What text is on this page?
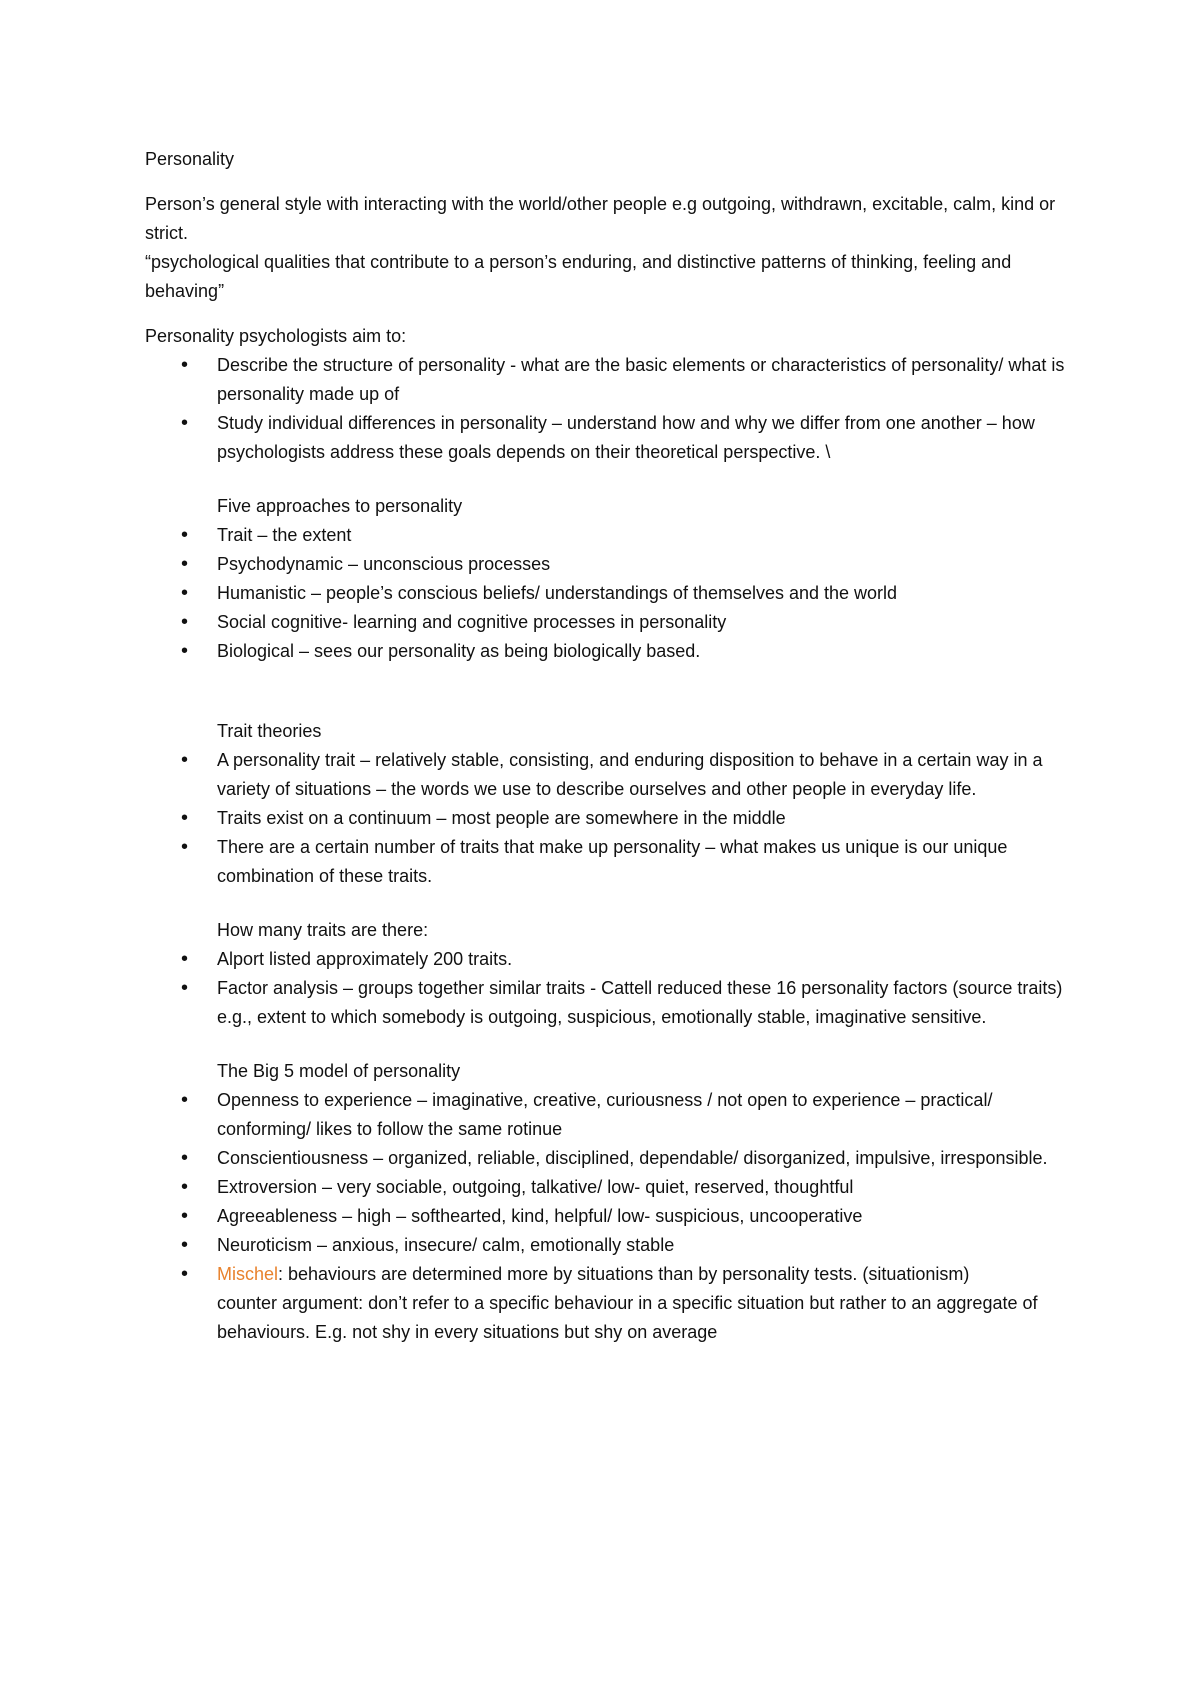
Personality

Person’s general style with interacting with the world/other people e.g outgoing, withdrawn, excitable, calm, kind or strict.

“psychological qualities that contribute to a person’s enduring, and distinctive patterns of thinking, feeling and behaving”

Personality psychologists aim to:

• Describe the structure of personality - what are the basic elements or characteristics of personality/ what is personality made up of
• Study individual differences in personality – understand how and why we differ from one another – how psychologists address these goals depends on their theoretical perspective. \

Five approaches to personality

• Trait – the extent
• Psychodynamic – unconscious processes
• Humanistic – people’s conscious beliefs/ understandings of themselves and the world
• Social cognitive- learning and cognitive processes in personality
• Biological – sees our personality as being biologically based.

Trait theories

• A personality trait – relatively stable, consisting, and enduring disposition to behave in a certain way in a variety of situations – the words we use to describe ourselves and other people in everyday life.
• Traits exist on a continuum – most people are somewhere in the middle
• There are a certain number of traits that make up personality – what makes us unique is our unique combination of these traits.

How many traits are there:

• Alport listed approximately 200 traits.
• Factor analysis – groups together similar traits - Cattell reduced these 16 personality factors (source traits) e.g., extent to which somebody is outgoing, suspicious, emotionally stable, imaginative sensitive.

The Big 5 model of personality

• Openness to experience – imaginative, creative, curiousness / not open to experience – practical/ conforming/ likes to follow the same rotinue
• Conscientiousness – organized, reliable, disciplined, dependable/ disorganized, impulsive, irresponsible.
• Extroversion – very sociable, outgoing, talkative/ low- quiet, reserved, thoughtful
• Agreeableness – high – softhearted, kind, helpful/ low- suspicious, uncooperative
• Neuroticism – anxious, insecure/ calm, emotionally stable
• Mischel: behaviours are determined more by situations than by personality tests. (situationism)
counter argument: don’t refer to a specific behaviour in a specific situation but rather to an aggregate of behaviours. E.g. not shy in every situations but shy on average
